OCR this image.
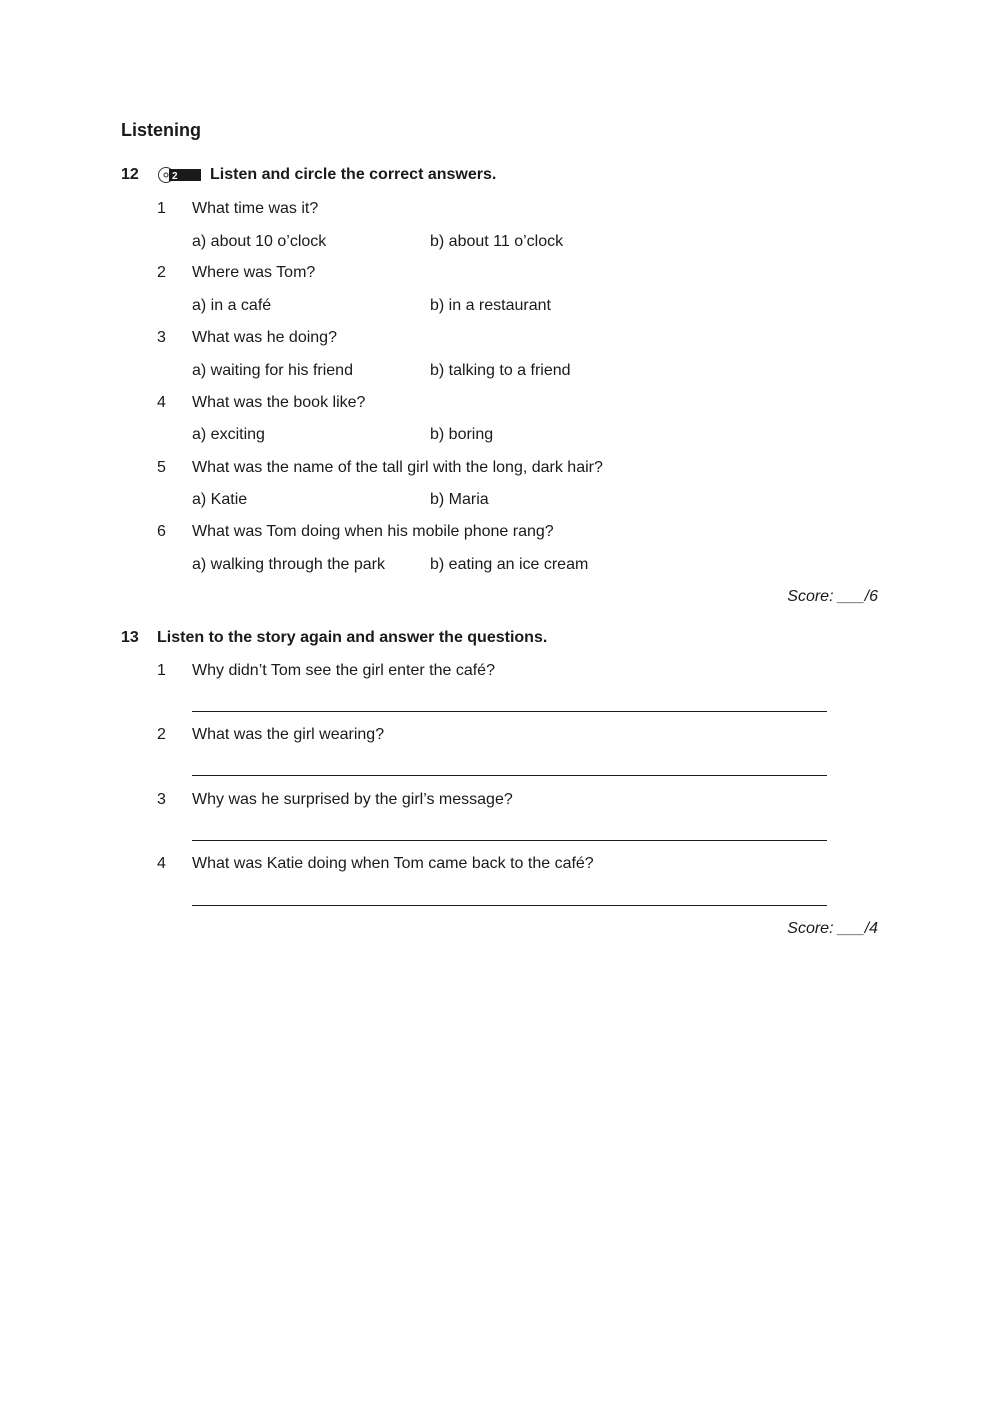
Listening
12	2 Listen and circle the correct answers.
1 What time was it?
a) about 10 o’clock	b) about 11 o’clock
2 Where was Tom?
a) in a café	b) in a restaurant
3 What was he doing?
a) waiting for his friend	b) talking to a friend
4 What was the book like?
a) exciting	b) boring
5 What was the name of the tall girl with the long, dark hair?
a) Katie	b) Maria
6 What was Tom doing when his mobile phone rang?
a) walking through the park	b) eating an ice cream
Score: ___/6
13	Listen to the story again and answer the questions.
1 Why didn’t Tom see the girl enter the café?
2 What was the girl wearing?
3 Why was he surprised by the girl’s message?
4 What was Katie doing when Tom came back to the café?
Score: ___/4
